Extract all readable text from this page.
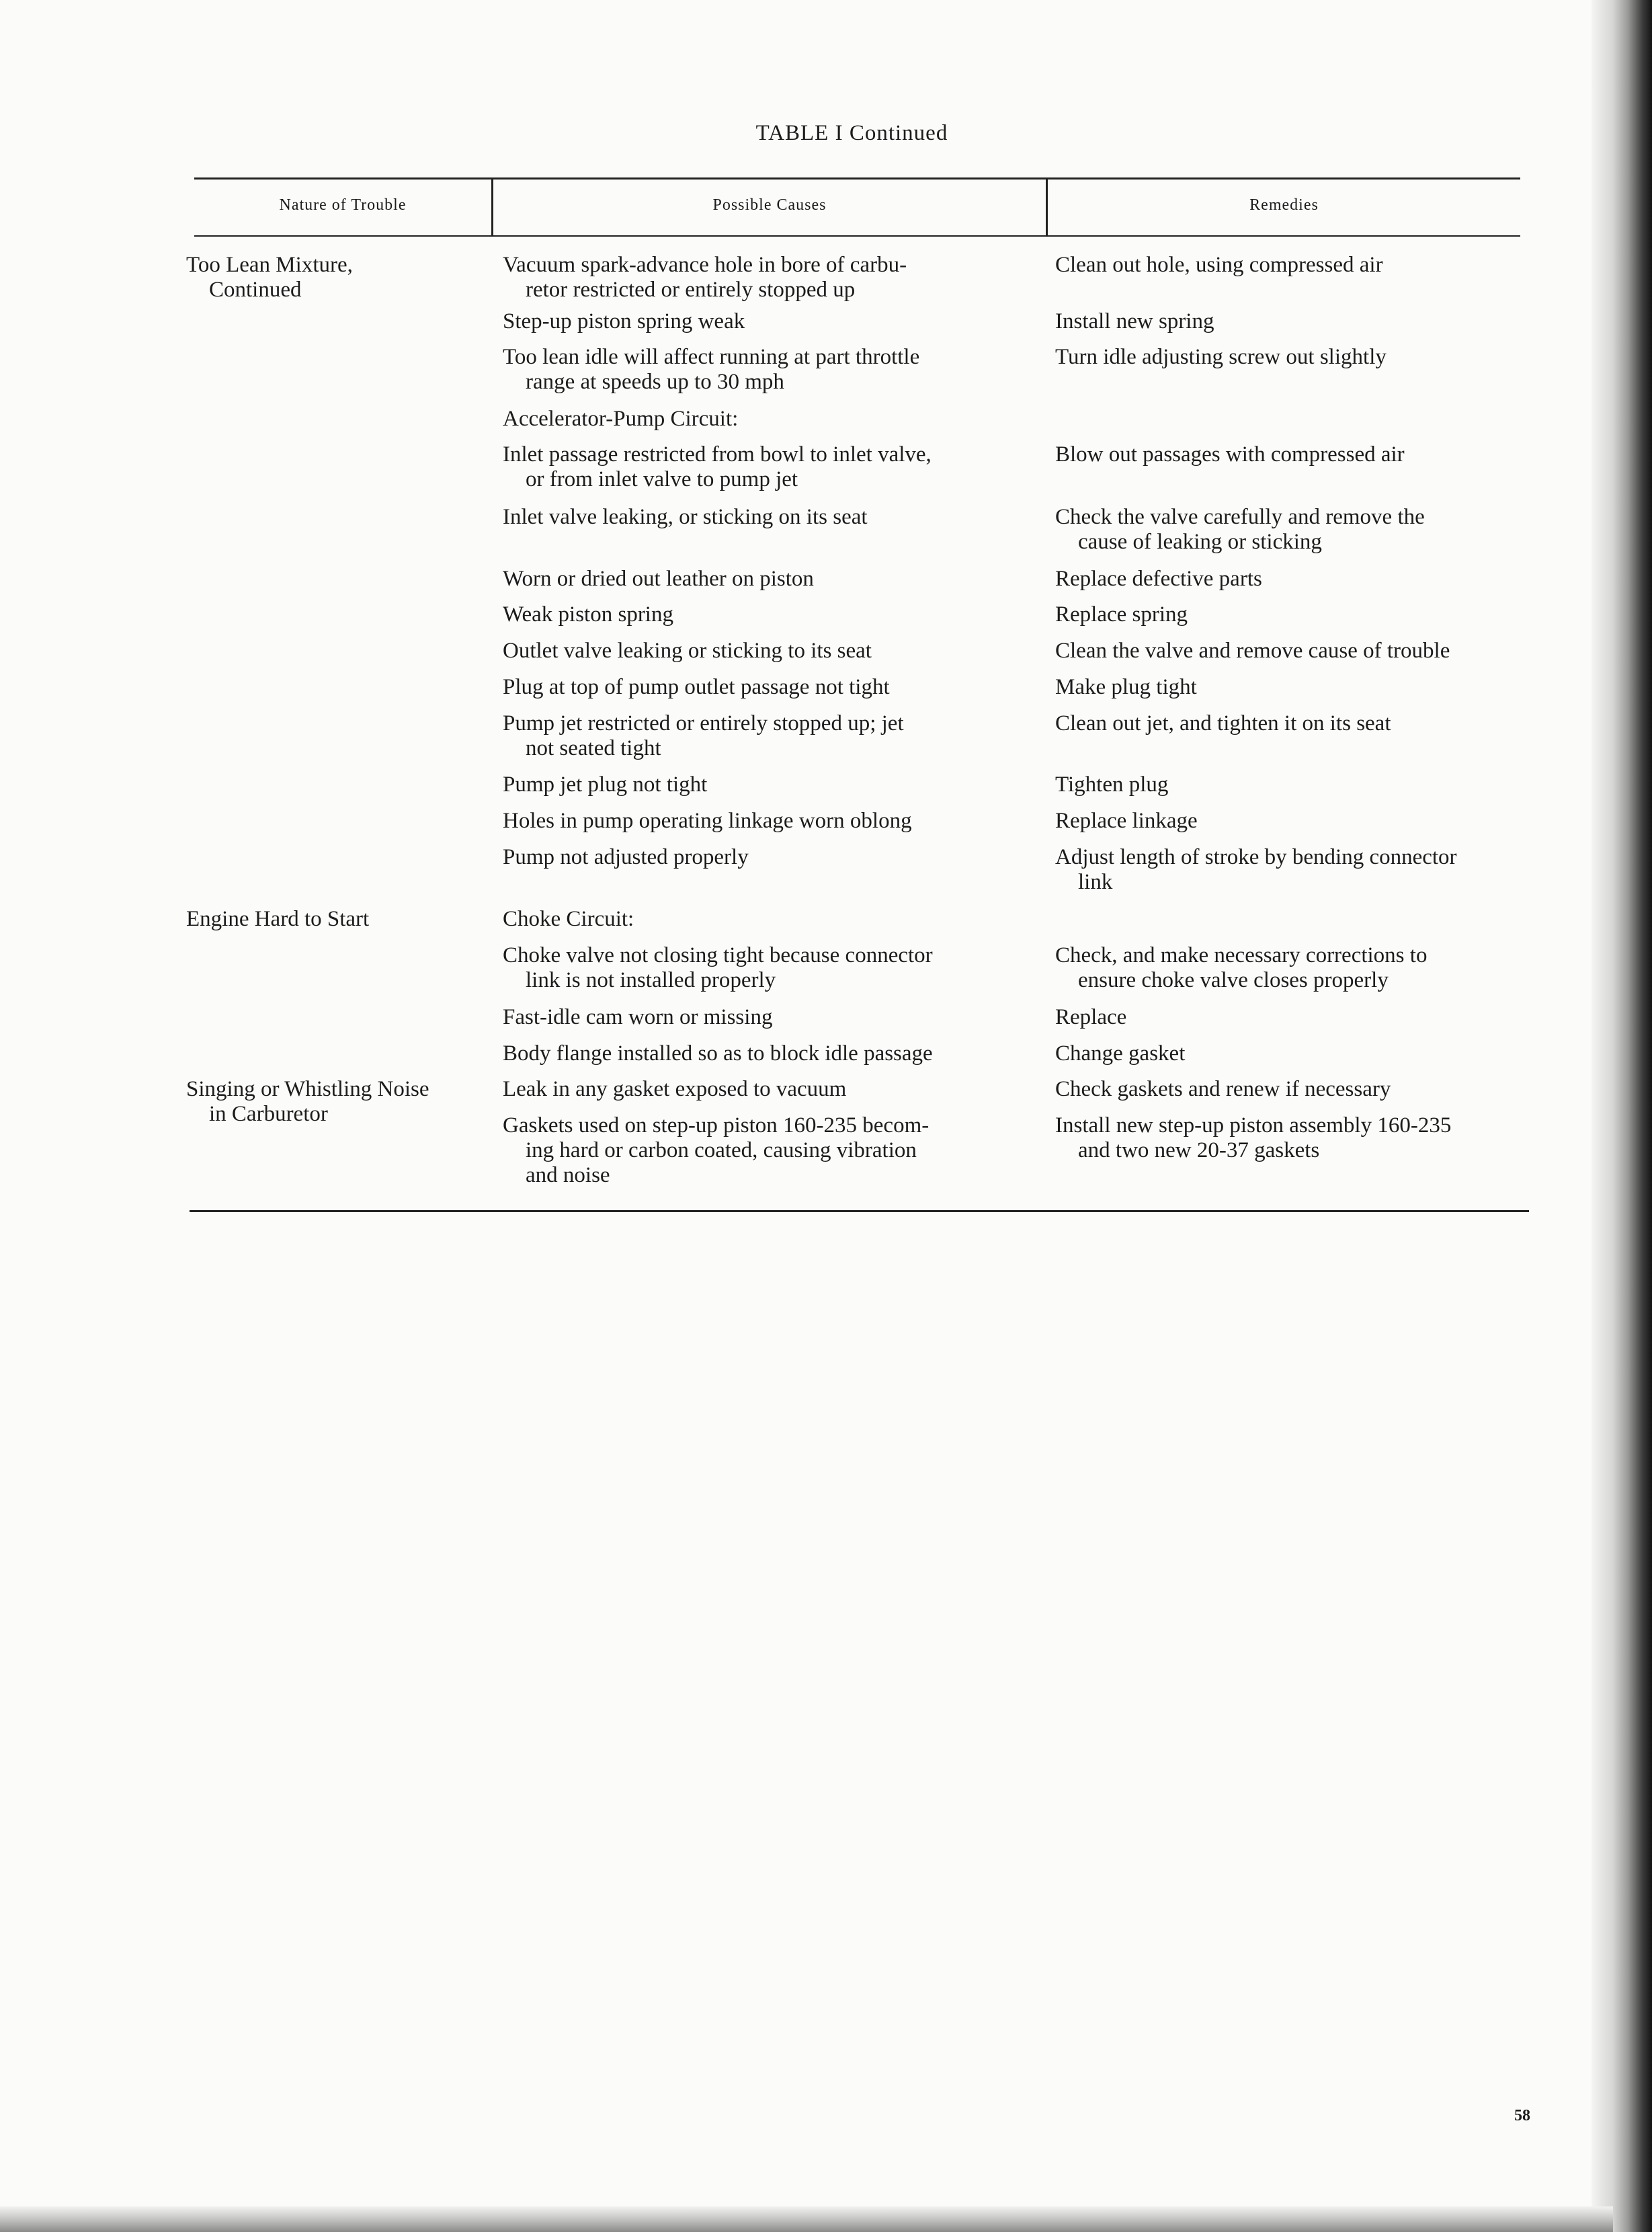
TABLE I Continued
Nature of Trouble	Possible Causes	Remedies
Too Lean Mixture,
Continued
Engine Hard to Start
Singing or Whistling Noise
in Carburetor
Vacuum spark-advance hole in bore of carbu-
retor restricted or entirely stopped up
Step-up piston spring weak
Too lean idle will affect running at part throttle
range at speeds up to 30 mph
Accelerator-Pump Circuit:
Inlet passage restricted from bowl to inlet valve,
or from inlet valve to pump jet
Inlet valve leaking, or sticking on its seat
Worn or dried out leather on piston
Weak piston spring
Outlet valve leaking or sticking to its seat
Plug at top of pump outlet passage not tight
Pump jet restricted or entirely stopped up; jet
not seated tight
Pump jet plug not tight
Holes in pump operating linkage worn oblong
Pump not adjusted properly
Choke Circuit:
Choke valve not closing tight because connector
link is not installed properly
Fast-idle cam worn or missing
Body flange installed so as to block idle passage
Leak in any gasket exposed to vacuum
Gaskets used on step-up piston 160-235 becom-
ing hard or carbon coated, causing vibration
and noise
Clean out hole, using compressed air
Install new spring
Turn idle adjusting screw out slightly
Blow out passages with compressed air
Check the valve carefully and remove the
cause of leaking or sticking
Replace defective parts
Replace spring
Clean the valve and remove cause of trouble
Make plug tight
Clean out jet, and tighten it on its seat
Tighten plug
Replace linkage
Adjust length of stroke by bending connector
link
Check, and make necessary corrections to
ensure choke valve closes properly
Replace
Change gasket
Check gaskets and renew if necessary
Install new step-up piston assembly 160-235
and two new 20-37 gaskets
58
